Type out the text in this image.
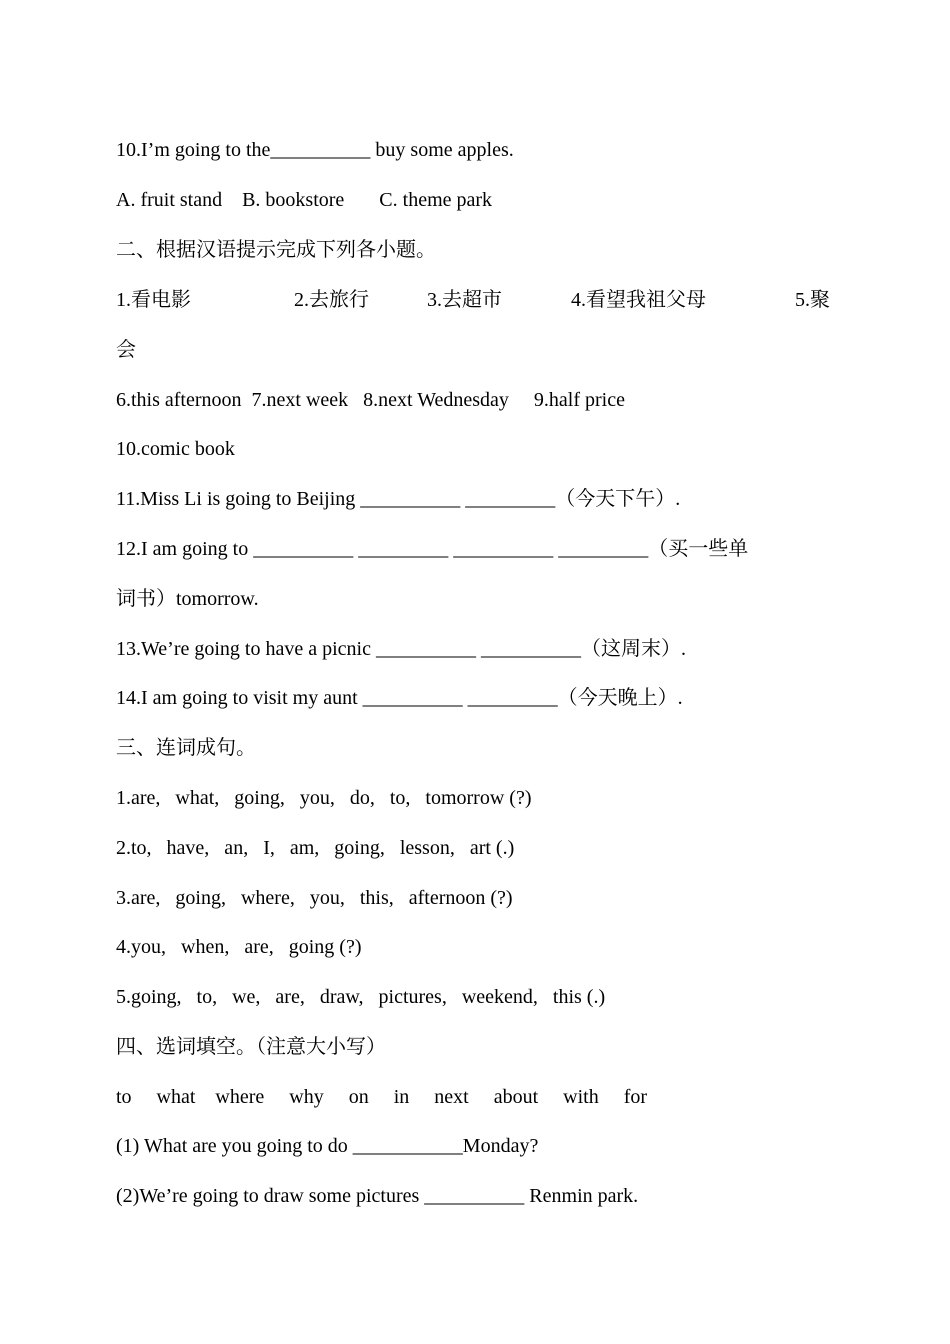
10.I’m going to the__________ buy some apples.
A. fruit stand    B. bookstore       C. theme park
二、根据汉语提示完成下列各小题。

1.看电影

	2.去旅行

	3.去超市

	4.看望我祖父母

	5.聚

会
6.this afternoon  7.next week   8.next Wednesday     9.half price
10.comic book
11.Miss Li is going to Beijing __________ _________（今天下午）.
12.I am going to __________ _________ __________ _________（买一些单
词书）tomorrow.
13.We’re going to have a picnic __________ __________（这周末）.
14.I am going to visit my aunt __________ _________（今天晚上）.
三、连词成句。
1.are,   what,   going,   you,   do,   to,   tomorrow (?)
2.to,   have,   an,   I,   am,   going,   lesson,   art (.)
3.are,   going,   where,   you,   this,   afternoon (?)
4.you,   when,   are,   going (?)
5.going,   to,   we,   are,   draw,   pictures,   weekend,   this (.)
四、选词填空。（注意大小写）
to     what    where     why     on     in     next     about     with     for
(1) What are you going to do ___________Monday?
(2)We’re going to draw some pictures __________ Renmin park.
